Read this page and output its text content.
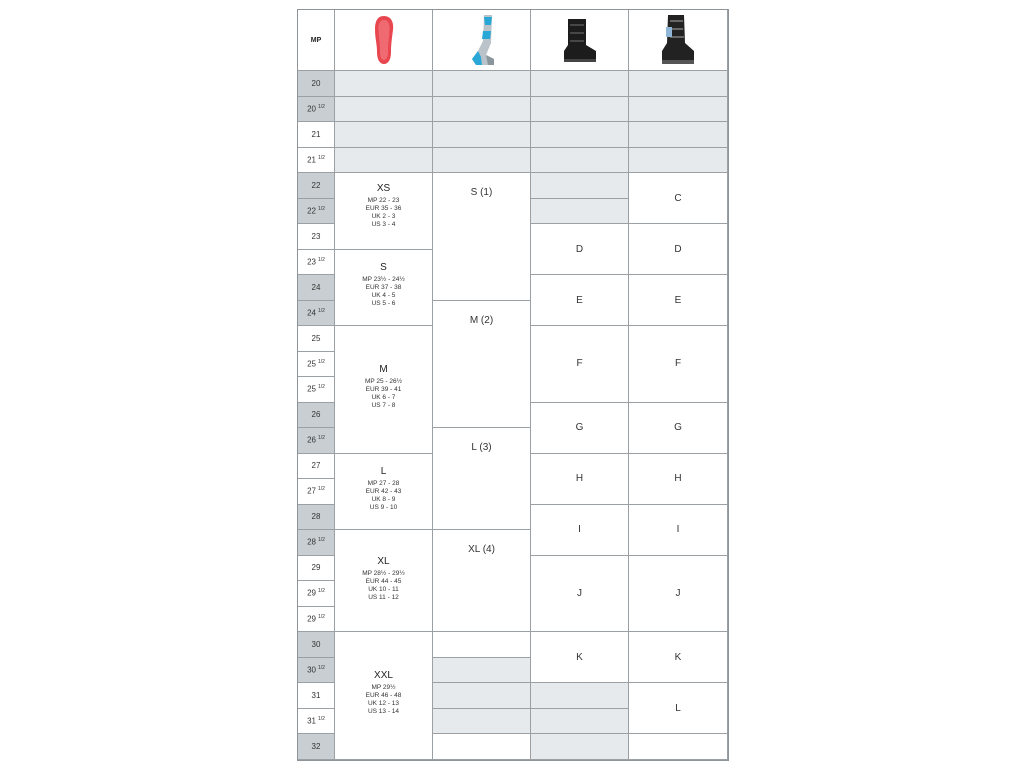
MP
20
20 $^{1/2}$
21
21 $^{1/2}$
22
22 $^{1/2}$
23
23 $^{1/2}$
24
24 $^{1/2}$
25
25 $^{1/2}$
25 $^{1/2}$
26
26 $^{1/2}$
27
27 $^{1/2}$
28
28 $^{1/2}$
29
29 $^{1/2}$
29 $^{1/2}$
30
30 $^{1/2}$
31
31 $^{1/2}$
32
XS
MP 22 - 23
EUR 35 - 36
UK 2 - 3
US 3 - 4
S
MP 23½ - 24½
EUR 37 - 38
UK 4 - 5
US 5 - 6
M
MP 25 - 26½
EUR 39 - 41
UK 6 - 7
US 7 - 8
L
MP 27 - 28
EUR 42 - 43
UK 8 - 9
US 9 - 10
XL
MP 28½ - 29½
EUR 44 - 45
UK 10 - 11
US 11 - 12
XXL
MP 29½
EUR 46 - 48
UK 12 - 13
US 13 - 14
S (1)
M (2)
L (3)
XL (4)
D
E
F
G
H
I
J
K
C
D
E
F
G
H
I
J
K
L
